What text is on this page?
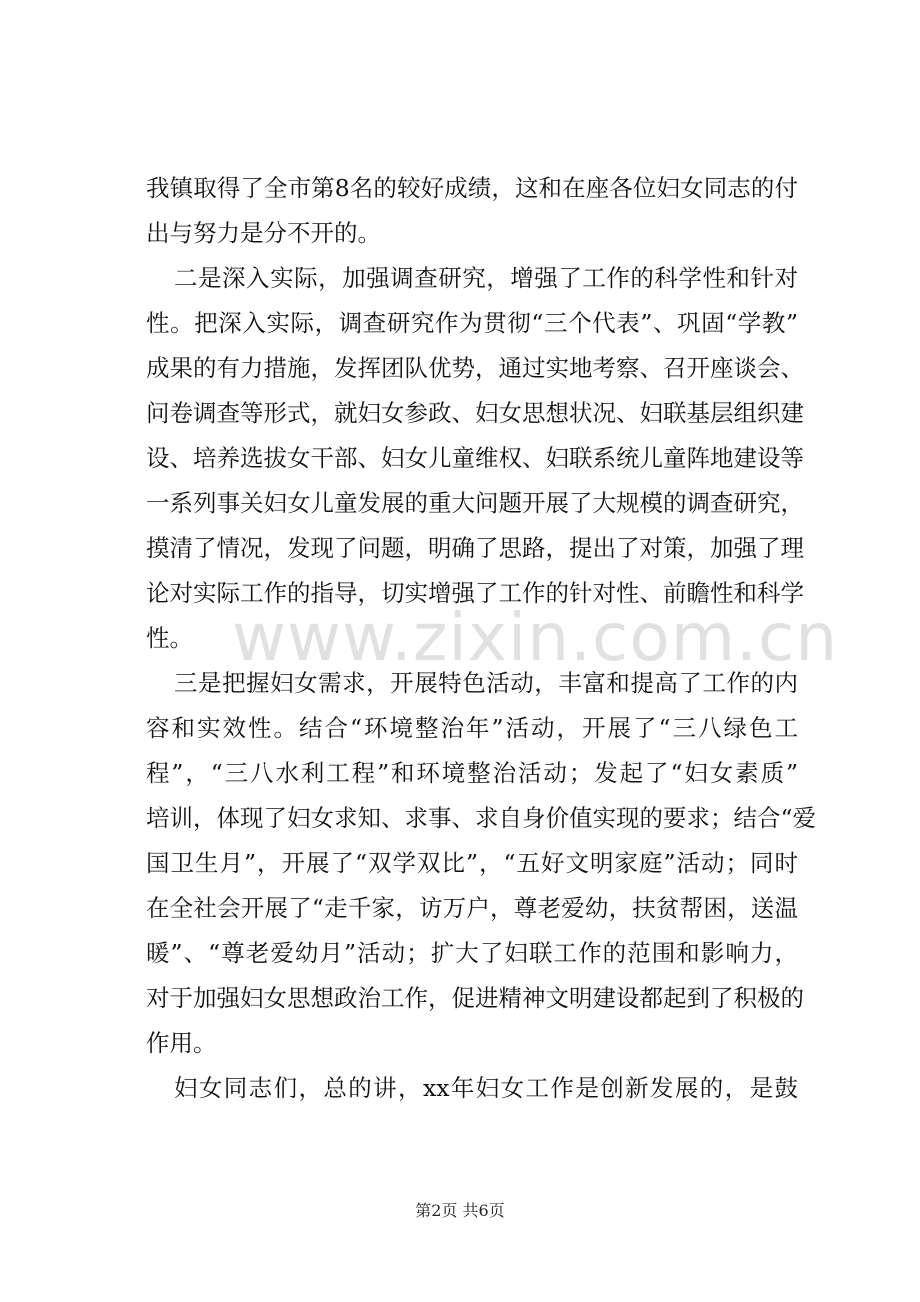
www.zixin.com.cn
我镇取得了全市第8名的较好成绩，这和在座各位妇女同志的付
出与努力是分不开的。
二是深入实际，加强调查研究，增强了工作的科学性和针对
性。把深入实际，调查研究作为贯彻“三个代表”、巩固“学教”
成果的有力措施，发挥团队优势，通过实地考察、召开座谈会、
问卷调查等形式，就妇女参政、妇女思想状况、妇联基层组织建
设、培养选拔女干部、妇女儿童维权、妇联系统儿童阵地建设等
一系列事关妇女儿童发展的重大问题开展了大规模的调查研究，
摸清了情况，发现了问题，明确了思路，提出了对策，加强了理
论对实际工作的指导，切实增强了工作的针对性、前瞻性和科学
性。
三是把握妇女需求，开展特色活动，丰富和提高了工作的内
容和实效性。结合“环境整治年”活动，开展了“三八绿色工
程”，“三八水利工程”和环境整治活动；发起了“妇女素质”
培训，体现了妇女求知、求事、求自身价值实现的要求；结合“爱
国卫生月”，开展了“双学双比”，“五好文明家庭”活动；同时
在全社会开展了“走千家，访万户，尊老爱幼，扶贫帮困，送温
暖”、“尊老爱幼月”活动；扩大了妇联工作的范围和影响力，
对于加强妇女思想政治工作，促进精神文明建设都起到了积极的
作用。
妇女同志们，总的讲，xx年妇女工作是创新发展的，是鼓
第2页 共6页
